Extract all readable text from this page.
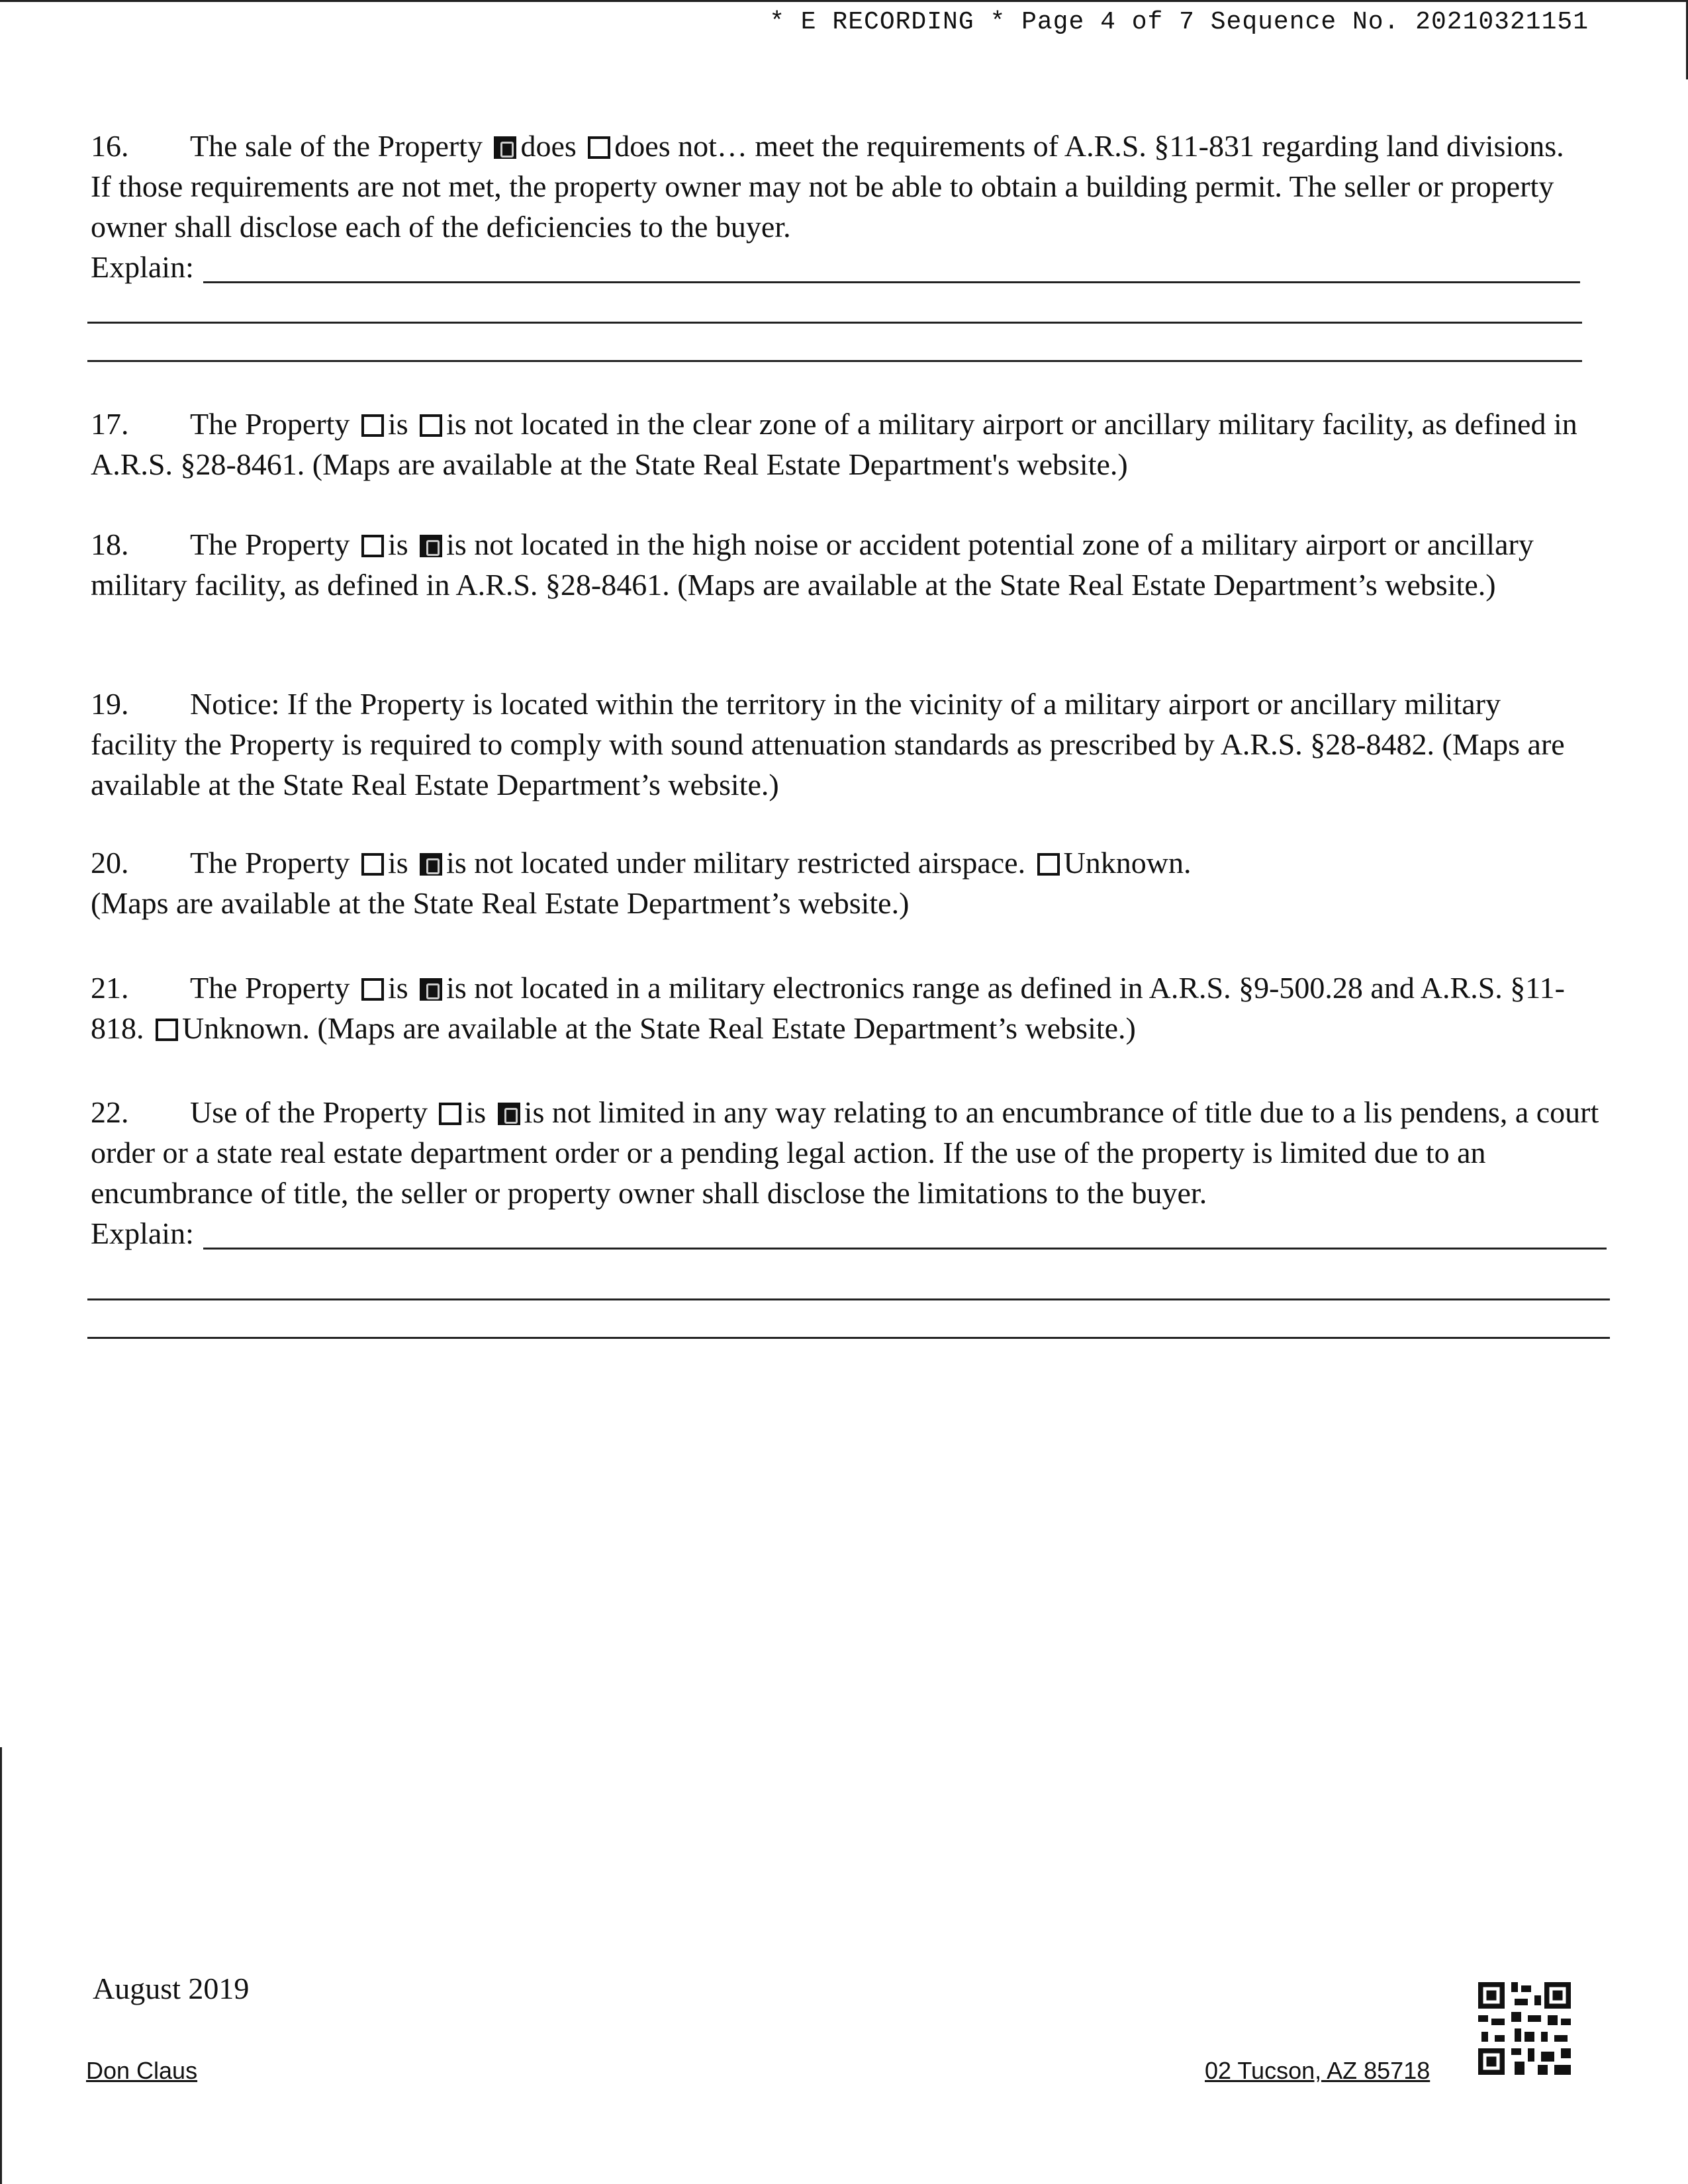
* E RECORDING * Page 4 of 7 Sequence No. 20210321151
16. The sale of the Property does does not… meet the requirements of A.R.S. §11-831 regarding land divisions. If those requirements are not met, the property owner may not be able to obtain a building permit. The seller or property owner shall disclose each of the deficiencies to the buyer.
Explain:
17. The Property is is not located in the clear zone of a military airport or ancillary military facility, as defined in A.R.S. §28-8461. (Maps are available at the State Real Estate Department's website.)
18. The Property is is not located in the high noise or accident potential zone of a military airport or ancillary military facility, as defined in A.R.S. §28-8461. (Maps are available at the State Real Estate Department’s website.)
19. Notice: If the Property is located within the territory in the vicinity of a military airport or ancillary military facility the Property is required to comply with sound attenuation standards as prescribed by A.R.S. §28-8482. (Maps are available at the State Real Estate Department’s website.)
20. The Property is is not located under military restricted airspace. Unknown.
(Maps are available at the State Real Estate Department’s website.)
21. The Property is is not located in a military electronics range as defined in A.R.S. §9-500.28 and A.R.S. §11-818. Unknown. (Maps are available at the State Real Estate Department’s website.)
22. Use of the Property is is not limited in any way relating to an encumbrance of title due to a lis pendens, a court order or a state real estate department order or a pending legal action. If the use of the property is limited due to an encumbrance of title, the seller or property owner shall disclose the limitations to the buyer.
Explain:
August 2019
Don Claus	02 Tucson, AZ 85718
